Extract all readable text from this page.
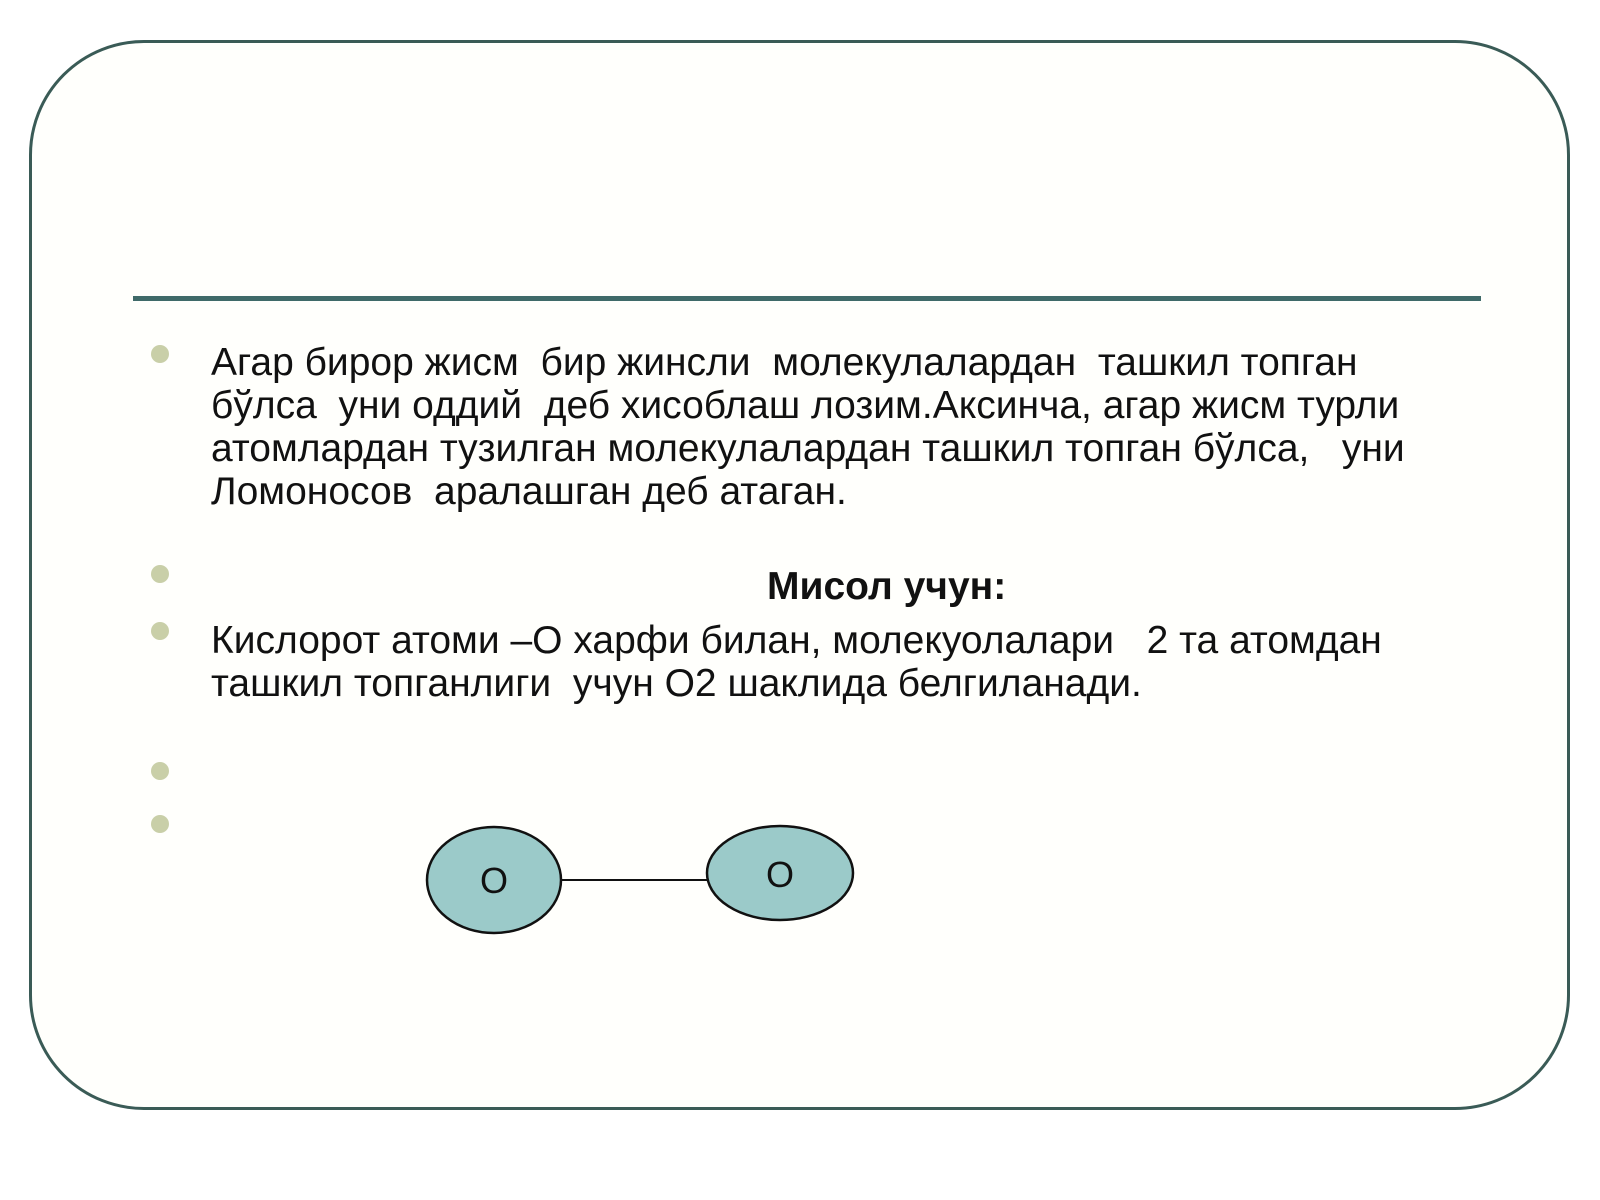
Агар бирор жисм  бир жинсли  молекулалардан  ташкил топган бўлса  уни оддий  деб хисоблаш лозим.Аксинча, агар жисм турли  атомлардан тузилган молекулалардан ташкил топган бўлса,   уни Ломоносов  аралашган деб атаган.

Мисол учун:

Кислорот атоми –О харфи билан, молекуолалари   2 та атомдан  ташкил топганлиги  учун О2 шаклида белгиланади.

O	O
